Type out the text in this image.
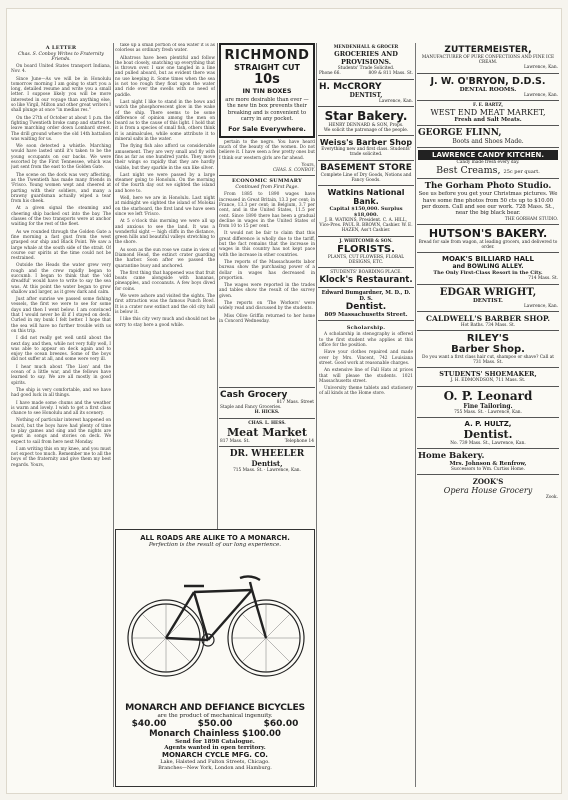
A LETTER
Chas. S. Conboy Writes to Fraternity Friends.

On board United States transport Indiana, Nov. 4.

Since June—As we will be in Honolulu tomorrow morning I am going to start you a long, detailed resume and write you a small letter. I suppose likely you will be more interested in our voyage than anything else, so like Virgil, Milton and other great writers I shall plunge at once "in medias res."

On the 27th of October at about 1 p.m. the fighting Twentieth broke camp and started to leave marching order down Lombard street. The drill ground where the old 14th battalion was waiting for us.

We soon detected a whistle. Marching would have lasted until it's taken to be the young occupants on our backs. We were escorted by the First Tennessee, which was just sent from the east to the Golden Gate.

The scene on the dock was very affecting, as the Twentieth has made many friends in 'Frisco. Young women wept and cheered at parting with their soldiers, and many a brawny guardsman actually wiped a tear from his cheek.

At a given signal the steaming and cheering ship backed out into the bay. The classes of the two transports were at anchor waiting for the rest of the fleet.

As we rounded through the Golden Gate a fine morning a fast gust from the west grasped our ship and Black Point. We saw a large whale at the south side of the strait. Of course our spirits at the time could not be restrained.

Outside the Heads the water grew very rough and the crew rapidly began to succumb. I began to think that the 'old dreadful' would have to write to say the sea was. At this point the water began to grow shallow and larger, as it grew dark and calm.

Just after sunrise we passed some fishing vessels, the first we were to see for some days and then I went below. I am convinced that I would never be ill if I stayed on deck. Curled in my bunk I felt better. I hope that the sea will have no further trouble with us on this trip.

I did not really get well until about the next day, and then, while not very fully well, I was able to appear on deck again and to enjoy the ocean breezes. Some of the boys did not suffer at all, and some were very ill.

I hear much about 'The Lion' and the ocean of a little war, and the fellows have learned to say. We are all mostly in good spirits.

The ship is very comfortable, and we have had good luck in all things.

I have made some chums and the weather is warm and lovely. I wish to get a first class chance to see Honolulu and all its scenery.

Nothing of particular interest happened on board, but the boys have had plenty of time to play games and sing and the nights are spent in songs and stories on deck. We expect to sail from here next Monday.

I am writing this on my knee, and you must not expect too much. Remember me to all the boys of the fraternity and give them my best regards. Yours,

take up a small portion of sea water it is as colorless as ordinary fresh water.

Albatross have been plentiful and follow the boat closely, snatching up everything that is thrown over. I saw one tangled in a line and pulled aboard, but as evident there was no use keeping it. Some times when the sea is not too rough they float upon the water and ride over the swells with no need of paddle.

Last night I like to stand in the bows and watch the phosphorescent glow in the wake of the ship. There seems to be some difference of opinion among the men on board as to the cause of this light. I hold that it is from a species of small fish, others think it is animalcules, while some attribute it to mineral salts in the water.

The flying fish also afford us considerable amusement. They are very small and fly with fins as far as one hundred yards. They move their wings so rapidly that they are hardly visible, but they sparkle in the sun like silver.

Last night we were passed by a large steamer going to Honolulu. On the morning of the fourth day out we sighted the island and hove to.

Well, here we are in Honolulu. Last night at midnight we sighted the island of Molokai on the starboard, the first land we have seen since we left 'Frisco.

At 5 o'clock this morning we were all up and anxious to see the land. It was a wonderful sight — high cliffs in the distance, green hills and beautiful valleys stretching to the shore.

As soon as the sun rose we came in view of Diamond Head, the extinct crater guarding the harbor. Soon after we passed the quarantine buoy and anchored.

The first thing that happened was that fruit boats came alongside with bananas, pineapples, and cocoanuts. A few boys dived for coins.

We were ashore and visited the sights. The first attraction was the famous Punch Bowl. It is a crater now extinct and the old city hall is below it.

I like this city very much and should not be sorry to stay here a good while.

RICHMOND
STRAIGHT CUT
10s
IN TIN BOXES
are more desirable than ever — the new tin box prevents their breaking and is convenient to carry in any pocket.
For Sale Everywhere.

pertain to the negro. You have heard much of the beauty of the women. Do not believe it. I have seen a few pretty ones but I think our western girls are far ahead.

Yours,
CHAS. S. CONBOY.
ECONOMIC SUMMARY
Continued from First Page.

From 1885 to 1890 wages have increased in Great Britain, 13.3 per cent; in France, 13.3 per cent; in Belgium, 3.7 per cent, and in the United States, 11.5 per cent. Since 1890 there has been a gradual decline in wages in the United States of from 10 to 15 per cent.

It would not be fair to claim that this great difference is wholly due to the tariff, but the fact remains that the increase in wages in this country has not kept pace with the increase in other countries.

The reports of the Massachusetts labor bureau show the purchasing power of a dollar in wages has decreased in proportion.

The wages were reported in the trades and tables show the result of the survey given.

The reports on 'The Workers' were widely read and discussed by the students.

Miss Olive Griffin returned to her home in Concord Wednesday.

Cash Grocery
817 Mass. Street
Staple and Fancy Groceries.
H. HICKS.
CHAS. L. HESS.
Meat Market
817 Mass. St.	Telephone 14
DR. WHEELER
Dentist,
715 Mass. St. · Lawrence, Kan.
MENDENHALL & GROCER
GROCERIES AND PROVISIONS.
Students' Trade Solicited.
Phone 66.	809 & 811 Mass. St.
H. McCRORY
DENTIST,
Lawrence, Kan.
Star Bakery.
HENRY DENNARD & SON, Props.
We solicit the patronage of the people.
Weiss's Barber Shop
Everything new and first class. Students' trade solicited.
BASEMENT STORE
Complete Line of Dry Goods, Notions and Fancy Goods.
Watkins National Bank.
Capital $150,000. Surplus $18,000.
J. B. WATKINS, President. C. A. HILL, Vice-Pres. PAUL R. BROWN, Cashier. W. E. HAZEN, Ass't Cashier.
J. WHITCOMB & SON.
FLORISTS.
PLANTS, CUT FLOWERS, FLORAL DESIGNS, ETC.
STUDENTS' BOARDING PLACE.
Klock's Restaurant.
Edward Bumgardner, M. D., D. D. S.
Dentist.
809 Massachusetts Street.
Scholarship.

A scholarship in stenography is offered to the first student who applies at this office for the position.

Have your clothes repaired and made over by Mrs. Vincent, 742 Louisiana street. Good work at reasonable charges.

An extensive line of Fall Hats at prices that will please the students. 1021 Massachusetts street.

University theme tablets and stationery of all kinds at the Home store.

ZUTTERMEISTER,
MANUFACTURER OF PURE CONFECTIONS AND FINE ICE CREAM.
Lawrence, Kan.
J. W. O'BRYON, D.D.S.
DENTAL ROOMS.
Lawrence, Kan.
F. E. BARTZ,
WEST END MEAT MARKET,
Fresh and Salt Meats.
GEORGE FLINN,
Boots and Shoes Made.
LAWRENCE CANDY KITCHEN.
Candy made fresh every day.
Best Creams, 25c per quart.
The Gorham Photo Studio.
See us before you get your Christmas pictures. We have some fine photos from 50 cts up to $10.00 per dozen. Call and see our work. 728 Mass. St., near the big black bear.
THE GORHAM STUDIO.
HUTSON'S BAKERY.
Bread for sale from wagon, at leading grocers, and delivered to order.
MOAK'S BILLIARD HALL
and BOWLING ALLEY.
The Only First-Class Resort in the City.
714 Mass. St.
EDGAR WRIGHT,
DENTIST.
Lawrence, Kan.
CALDWELL'S BARBER SHOP.
Hot Baths. 734 Mass. St.
RILEY'S
Barber Shop.
Do you want a first class hair cut, shampoo or shave? Call at 731 Mass. St.
STUDENTS' SHOEMAKER,
J. H. EDMONDSON, 711 Mass. St.
O. P. Leonard
Fine Tailoring.
755 Mass. St. · Lawrence, Kan.
A. P. HULTZ,
Dentist.
No. 739 Mass. St., Lawrence, Kan.
Home Bakery.
Mrs. Johnson & Renfrow,
Successors to Wm. Curtiss Home.
ZOOK'S
Opera House Grocery
Zook.
ALL ROADS ARE ALIKE TO A MONARCH.
Perfection is the result of our long experience.
MONARCH AND DEFIANCE BICYCLES
are the product of mechanical ingenuity.
$40.00	$50.00	$60.00
Monarch Chainless $100.00
Send for 1898 Catalogue.
Agents wanted in open territory.
MONARCH CYCLE MFG. CO.
Lake, Halsted and Fulton Streets, Chicago.
Branches—New York, London and Hamburg.
